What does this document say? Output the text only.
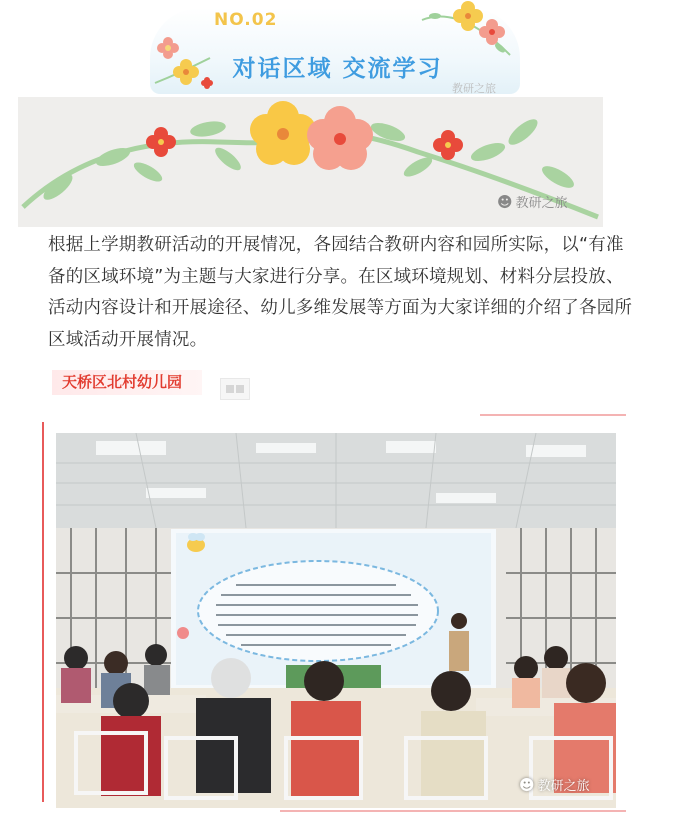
NO.02
对话区域 交流学习
教研之旅
☻ 教研之旅
根据上学期教研活动的开展情况，各园结合教研内容和园所实际，以“有准备的区域环境”为主题与大家进行分享。在区域环境规划、材料分层投放、活动内容设计和开展途径、幼儿多维发展等方面为大家详细的介绍了各园所区域活动开展情况。
天桥区北村幼儿园
☻ 教研之旅
